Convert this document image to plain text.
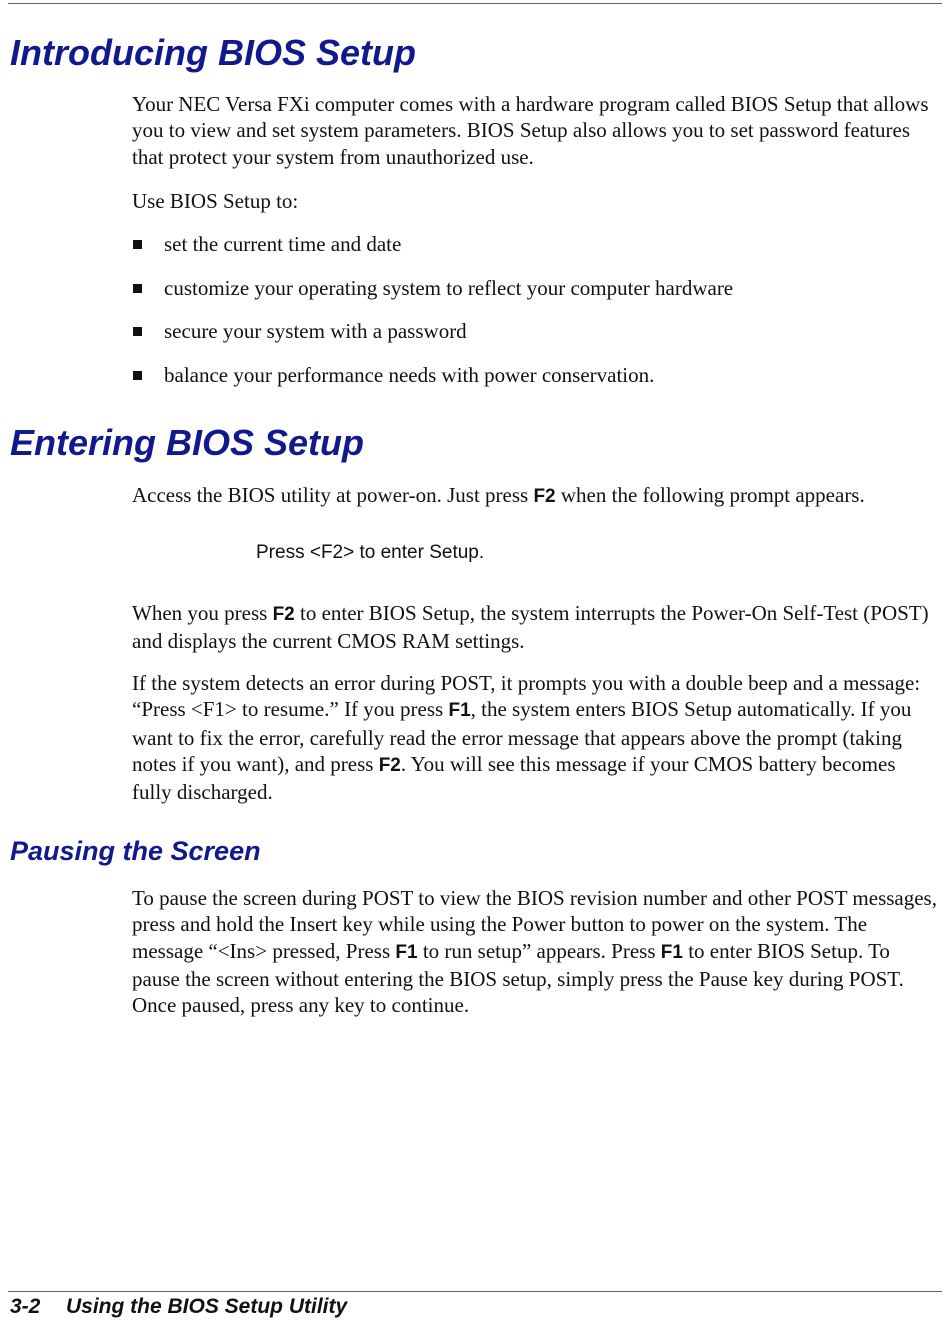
Introducing BIOS Setup

Your NEC Versa FXi computer comes with a hardware program called BIOS Setup that allows you to view and set system parameters. BIOS Setup also allows you to set password features that protect your system from unauthorized use.

Use BIOS Setup to:

set the current time and date
customize your operating system to reflect your computer hardware
secure your system with a password
balance your performance needs with power conservation.
Entering BIOS Setup

Access the BIOS utility at power-on. Just press F2 when the following prompt appears.

Press <F2> to enter Setup.

When you press F2 to enter BIOS Setup, the system interrupts the Power-On Self-Test (POST) and displays the current CMOS RAM settings.

If the system detects an error during POST, it prompts you with a double beep and a message: “Press <F1> to resume.” If you press F1, the system enters BIOS Setup automatically. If you want to fix the error, carefully read the error message that appears above the prompt (taking notes if you want), and press F2. You will see this message if your CMOS battery becomes fully discharged.

Pausing the Screen

To pause the screen during POST to view the BIOS revision number and other POST messages, press and hold the Insert key while using the Power button to power on the system. The message “<Ins> pressed, Press F1 to run setup” appears. Press F1 to enter BIOS Setup. To pause the screen without entering the BIOS setup, simply press the Pause key during POST. Once paused, press any key to continue.

3-2 Using the BIOS Setup Utility
